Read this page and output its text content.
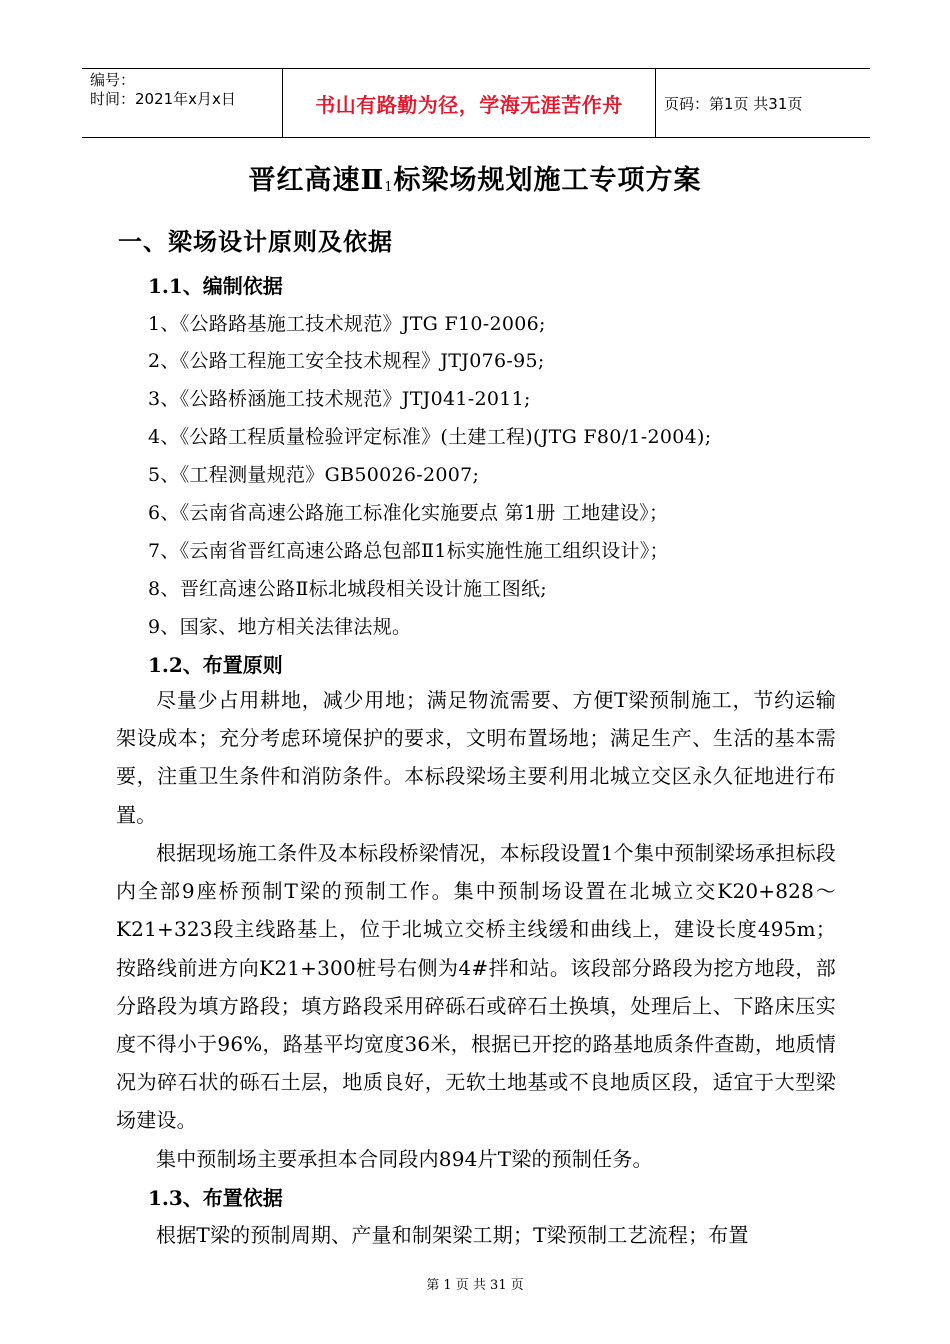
编号：
时间：2021年x月x日	书山有路勤为径，学海无涯苦作舟	页码：第1页 共31页
晋红高速$Ⅱ_1$标梁场规划施工专项方案
一、梁场设计原则及依据
1.1、编制依据
1、《公路路基施工技术规范》JTG F10-2006;
2、《公路工程施工安全技术规程》JTJ076-95;
3、《公路桥涵施工技术规范》JTJ041-2011;
4、《公路工程质量检验评定标准》(土建工程)(JTG F80/1-2004);
5、《工程测量规范》GB50026-2007;
6、《云南省高速公路施工标准化实施要点 第1册 工地建设》；
7、《云南省晋红高速公路总包部Ⅱ1标实施性施工组织设计》；
8、晋红高速公路Ⅱ标北城段相关设计施工图纸;
9、国家、地方相关法律法规。
1.2、布置原则
尽量少占用耕地，减少用地；满足物流需要、方便T梁预制施工，节约运输架设成本；充分考虑环境保护的要求，文明布置场地；满足生产、生活的基本需要，注重卫生条件和消防条件。本标段梁场主要利用北城立交区永久征地进行布置。
根据现场施工条件及本标段桥梁情况，本标段设置1个集中预制梁场承担标段内全部9座桥预制T梁的预制工作。集中预制场设置在北城立交K20+828～K21+323段主线路基上，位于北城立交桥主线缓和曲线上，建设长度495m；按路线前进方向K21+300桩号右侧为4#拌和站。该段部分路段为挖方地段，部分路段为填方路段；填方路段采用碎砾石或碎石土换填，处理后上、下路床压实度不得小于96%，路基平均宽度36米，根据已开挖的路基地质条件查勘，地质情况为碎石状的砾石土层，地质良好，无软土地基或不良地质区段，适宜于大型梁场建设。
集中预制场主要承担本合同段内894片T梁的预制任务。
1.3、布置依据
根据T梁的预制周期、产量和制架梁工期；T梁预制工艺流程；布置
第 1 页 共 31 页
